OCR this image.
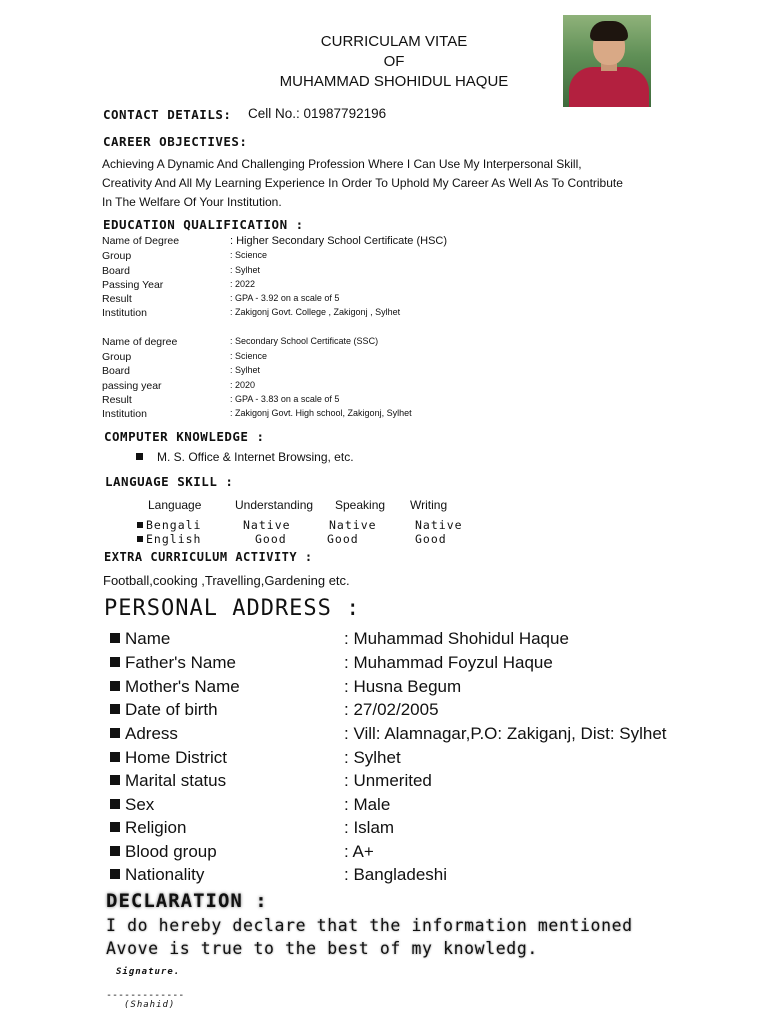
CURRICULAM VITAE
OF
MUHAMMAD SHOHIDUL HAQUE
CONTACT DETAILS: Cell No.: 01987792196
CAREER OBJECTIVES:
Achieving A Dynamic And Challenging Profession Where I Can Use My Interpersonal Skill,
Creativity And All My Learning Experience In Order To Uphold My Career As Well As To Contribute
In The Welfare Of Your Institution.
EDUCATION QUALIFICATION :
Name of Degree	: Higher Secondary School Certificate (HSC)
Group	: Science
Board	: Sylhet
Passing Year	: 2022
Result	: GPA - 3.92 on a scale of 5
Institution	: Zakigonj Govt. College , Zakigonj , Sylhet
Name of degree	: Secondary School Certificate (SSC)
Group	: Science
Board	: Sylhet
passing year	: 2020
Result	: GPA - 3.83 on a scale of 5
Institution	: Zakigonj Govt. High school, Zakigonj, Sylhet
COMPUTER KNOWLEDGE :
M. S. Office & Internet Browsing, etc.
LANGUAGE SKILL :
Language	Understanding Speaking Writing
Bengali	Native	Native	Native
English	Good	Good	Good
EXTRA CURRICULUM ACTIVITY :
Football,cooking ,Travelling,Gardening etc.
PERSONAL ADDRESS :
Name	: Muhammad Shohidul Haque
Father's Name	: Muhammad Foyzul Haque
Mother's Name	: Husna Begum
Date of birth	: 27/02/2005
Adress	: Vill: Alamnagar,P.O: Zakiganj, Dist: Sylhet
Home District	: Sylhet
Marital status	: Unmerited
Sex	: Male
Religion	: Islam
Blood group	: A+
Nationality	: Bangladeshi
DECLARATION :
I do hereby declare that the information mentioned
Avove is true to the best of my knowledg.
Signature.
-------------
(Shahid)
